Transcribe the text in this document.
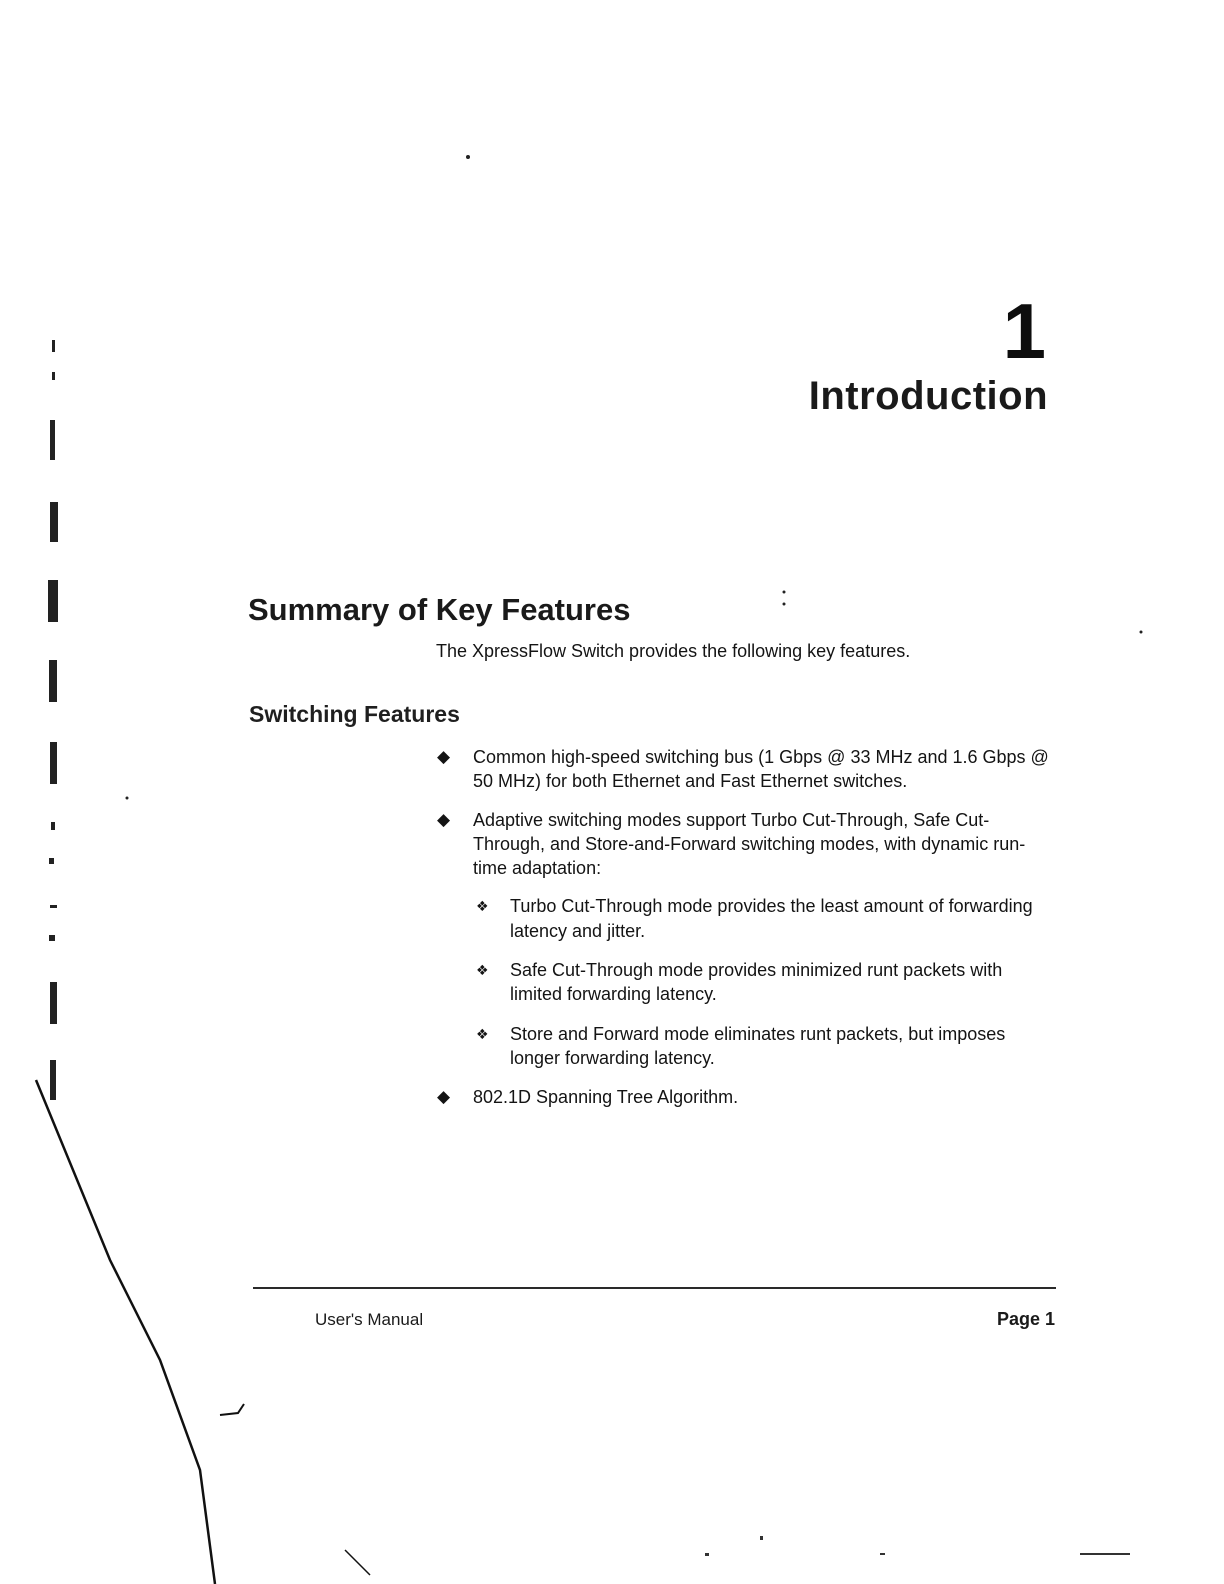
1
Introduction
Summary of Key Features
The XpressFlow Switch provides the following key features.
Switching Features
◆ Common high-speed switching bus (1 Gbps @ 33 MHz and 1.6 Gbps @ 50 MHz) for both Ethernet and Fast Ethernet switches.
◆ Adaptive switching modes support Turbo Cut-Through, Safe Cut-Through, and Store-and-Forward switching modes, with dynamic run-time adaptation:
❖ Turbo Cut-Through mode provides the least amount of forwarding latency and jitter.
❖ Safe Cut-Through mode provides minimized runt packets with limited forwarding latency.
❖ Store and Forward mode eliminates runt packets, but imposes longer forwarding latency.
◆ 802.1D Spanning Tree Algorithm.
User's Manual	Page 1
